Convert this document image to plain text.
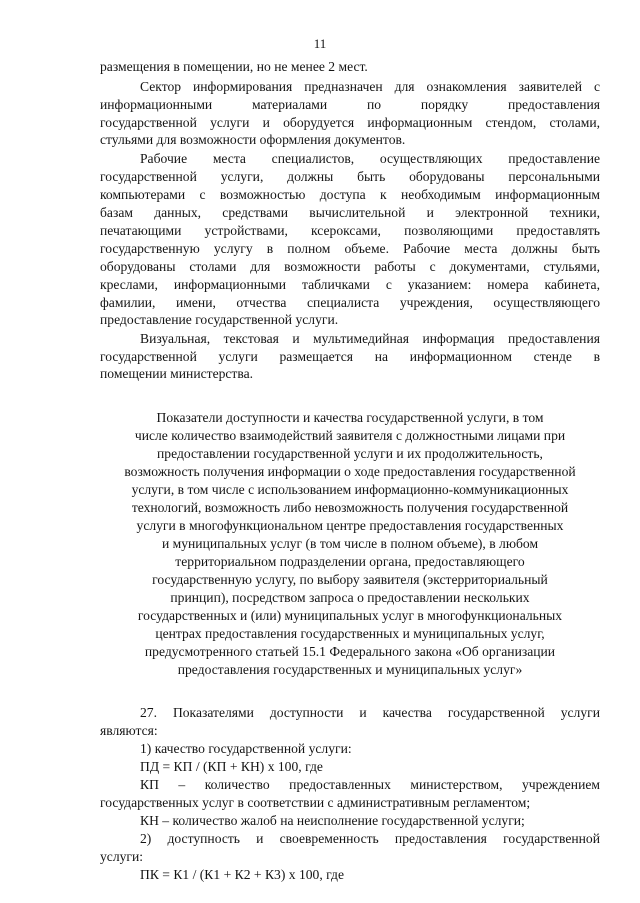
11
размещения в помещении, но не менее 2 мест.
Сектор информирования предназначен для ознакомления заявителей с
информационными материалами по порядку предоставления
государственной услуги и оборудуется информационным стендом, столами,
стульями для возможности оформления документов.
Рабочие места специалистов, осуществляющих предоставление
государственной услуги, должны быть оборудованы персональными
компьютерами с возможностью доступа к необходимым информационным
базам данных, средствами вычислительной и электронной техники,
печатающими устройствами, ксероксами, позволяющими предоставлять
государственную услугу в полном объеме. Рабочие места должны быть
оборудованы столами для возможности работы с документами, стульями,
креслами, информационными табличками с указанием: номера кабинета,
фамилии, имени, отчества специалиста учреждения, осуществляющего
предоставление государственной услуги.
Визуальная, текстовая и мультимедийная информация предоставления
государственной услуги размещается на информационном стенде в
помещении министерства.
Показатели доступности и качества государственной услуги, в том
числе количество взаимодействий заявителя с должностными лицами при
предоставлении государственной услуги и их продолжительность,
возможность получения информации о ходе предоставления государственной
услуги, в том числе с использованием информационно-коммуникационных
технологий, возможность либо невозможность получения государственной
услуги в многофункциональном центре предоставления государственных
и муниципальных услуг (в том числе в полном объеме), в любом
территориальном подразделении органа, предоставляющего
государственную услугу, по выбору заявителя (экстерриториальный
принцип), посредством запроса о предоставлении нескольких
государственных и (или) муниципальных услуг в многофункциональных
центрах предоставления государственных и муниципальных услуг,
предусмотренного статьей 15.1 Федерального закона «Об организации
предоставления государственных и муниципальных услуг»
27. Показателями доступности и качества государственной услуги
являются:
1) качество государственной услуги:
ПД = КП / (КП + КН) х 100, где
КП – количество предоставленных министерством, учреждением
государственных услуг в соответствии с административным регламентом;
КН – количество жалоб на неисполнение государственной услуги;
2) доступность и своевременность предоставления государственной
услуги:
ПК = К1 / (К1 + К2 + К3) х 100, где
